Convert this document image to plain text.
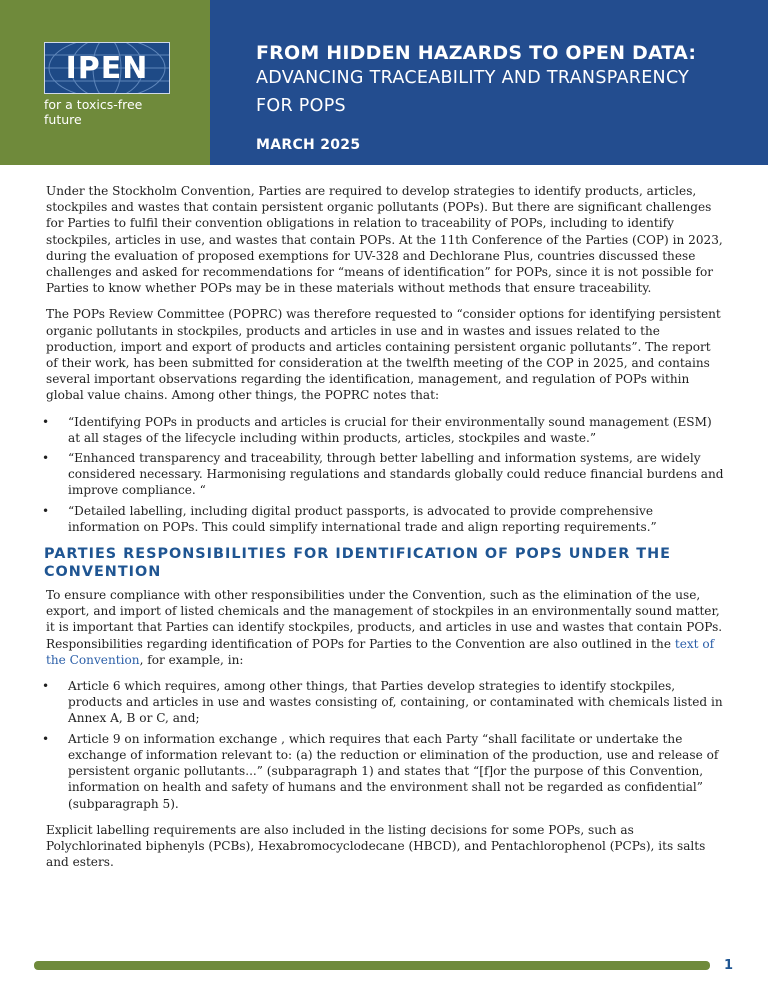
IPEN
for a toxics-free future
FROM HIDDEN HAZARDS TO OPEN DATA:
ADVANCING TRACEABILITY AND TRANSPARENCY
FOR POPS
MARCH 2025

Under the Stockholm Convention, Parties are required to develop strategies to identify products, articles, stockpiles and wastes that contain persistent organic pollutants (POPs). But there are significant challenges for Parties to fulfil their convention obligations in relation to traceability of POPs, including to identify stockpiles, articles in use, and wastes that contain POPs. At the 11th Conference of the Parties (COP) in 2023, during the evaluation of proposed exemptions for UV-328 and Dechlorane Plus, countries discussed these challenges and asked for recommendations for “means of identification” for POPs, since it is not possible for Parties to know whether POPs may be in these materials without methods that ensure traceability.

The POPs Review Committee (POPRC) was therefore requested to “consider options for identifying persistent organic pollutants in stockpiles, products and articles in use and in wastes and issues related to the production, import and export of products and articles containing persistent organic pollutants”. The report of their work, has been submitted for consideration at the twelfth meeting of the COP in 2025, and contains several important observations regarding the identification, management, and regulation of POPs within global value chains. Among other things, the POPRC notes that:

• “Identifying POPs in products and articles is crucial for their environmentally sound management (ESM) at all stages of the lifecycle including within products, articles, stockpiles and waste.”
• “Enhanced transparency and traceability, through better labelling and information systems, are widely considered necessary. Harmonising regulations and standards globally could reduce financial burdens and improve compliance. “
• “Detailed labelling, including digital product passports, is advocated to provide comprehensive information on POPs. This could simplify international trade and align reporting requirements.”
PARTIES RESPONSIBILITIES FOR IDENTIFICATION OF POPS UNDER THE CONVENTION

To ensure compliance with other responsibilities under the Convention, such as the elimination of the use, export, and import of listed chemicals and the management of stockpiles in an environmentally sound matter, it is important that Parties can identify stockpiles, products, and articles in use and wastes that contain POPs. Responsibilities regarding identification of POPs for Parties to the Convention are also outlined in the text of the Convention, for example, in:

• Article 6 which requires, among other things, that Parties develop strategies to identify stockpiles, products and articles in use and wastes consisting of, containing, or contaminated with chemicals listed in Annex A, B or C, and;
• Article 9 on information exchange , which requires that each Party “shall facilitate or undertake the exchange of information relevant to: (a) the reduction or elimination of the production, use and release of persistent organic pollutants...” (subparagraph 1) and states that “[f]or the purpose of this Convention, information on health and safety of humans and the environment shall not be regarded as confidential” (subparagraph 5).

Explicit labelling requirements are also included in the listing decisions for some POPs, such as Polychlorinated biphenyls (PCBs), Hexabromocyclodecane (HBCD), and Pentachlorophenol (PCPs), its salts and esters.

1
